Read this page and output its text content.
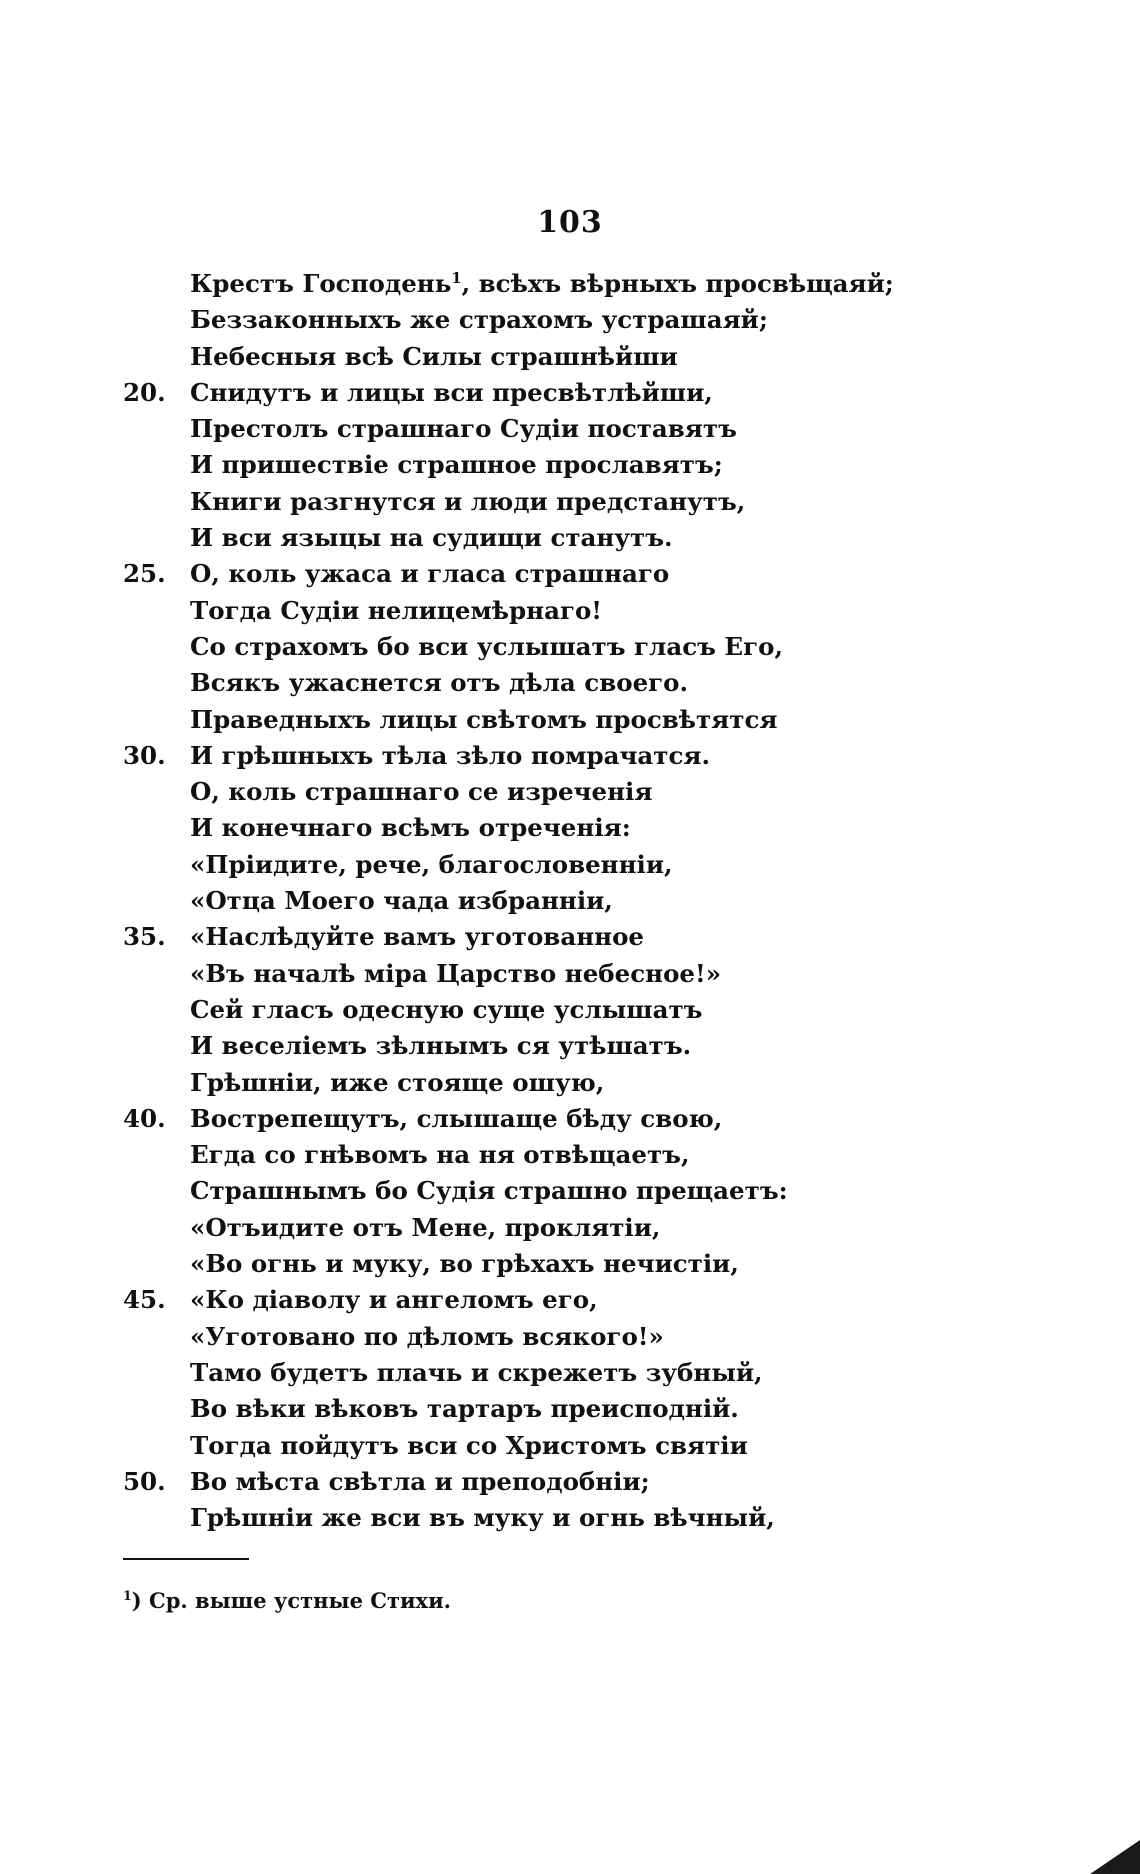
103
Крестъ Господень$^1$, всѣхъ вѣрныхъ просвѣщаяй;
Беззаконныхъ же страхомъ устрашаяй;
Небесныя всѣ Силы страшнѣйши
20. Снидутъ и лицы вси пресвѣтлѣйши,
Престолъ страшнаго Судіи поставятъ
И пришествіе страшное прославятъ;
Книги разгнутся и люди предстанутъ,
И вси языцы на судищи станутъ.
25. О, коль ужаса и гласа страшнаго
Тогда Судіи нелицемѣрнаго!
Со страхомъ бо вси услышатъ гласъ Его,
Всякъ ужаснется отъ дѣла своего.
Праведныхъ лицы свѣтомъ просвѣтятся
30. И грѣшныхъ тѣла зѣло помрачатся.
О, коль страшнаго се изреченія
И конечнаго всѣмъ отреченія:
«Пріидите, рече, благословенніи,
«Отца Моего чада избранніи,
35. «Наслѣдуйте вамъ уготованное
«Въ началѣ міра Царство небесное!»
Сей гласъ одесную суще услышатъ
И веселіемъ зѣлнымъ ся утѣшатъ.
Грѣшніи, иже стояще ошую,
40. Вострепещутъ, слышаще бѣду свою,
Егда со гнѣвомъ на ня отвѣщаетъ,
Страшнымъ бо Судія страшно прещаетъ:
«Отъидите отъ Мене, проклятіи,
«Во огнь и муку, во грѣхахъ нечистіи,
45. «Ко діаволу и ангеломъ его,
«Уготовано по дѣломъ всякого!»
Тамо будетъ плачь и скрежетъ зубный,
Во вѣки вѣковъ тартаръ преисподній.
Тогда пойдутъ вси со Христомъ святіи
50. Во мѣста свѣтла и преподобніи;
Грѣшніи же вси въ муку и огнь вѣчный,
$^1$) Ср. выше устные Стихи.
